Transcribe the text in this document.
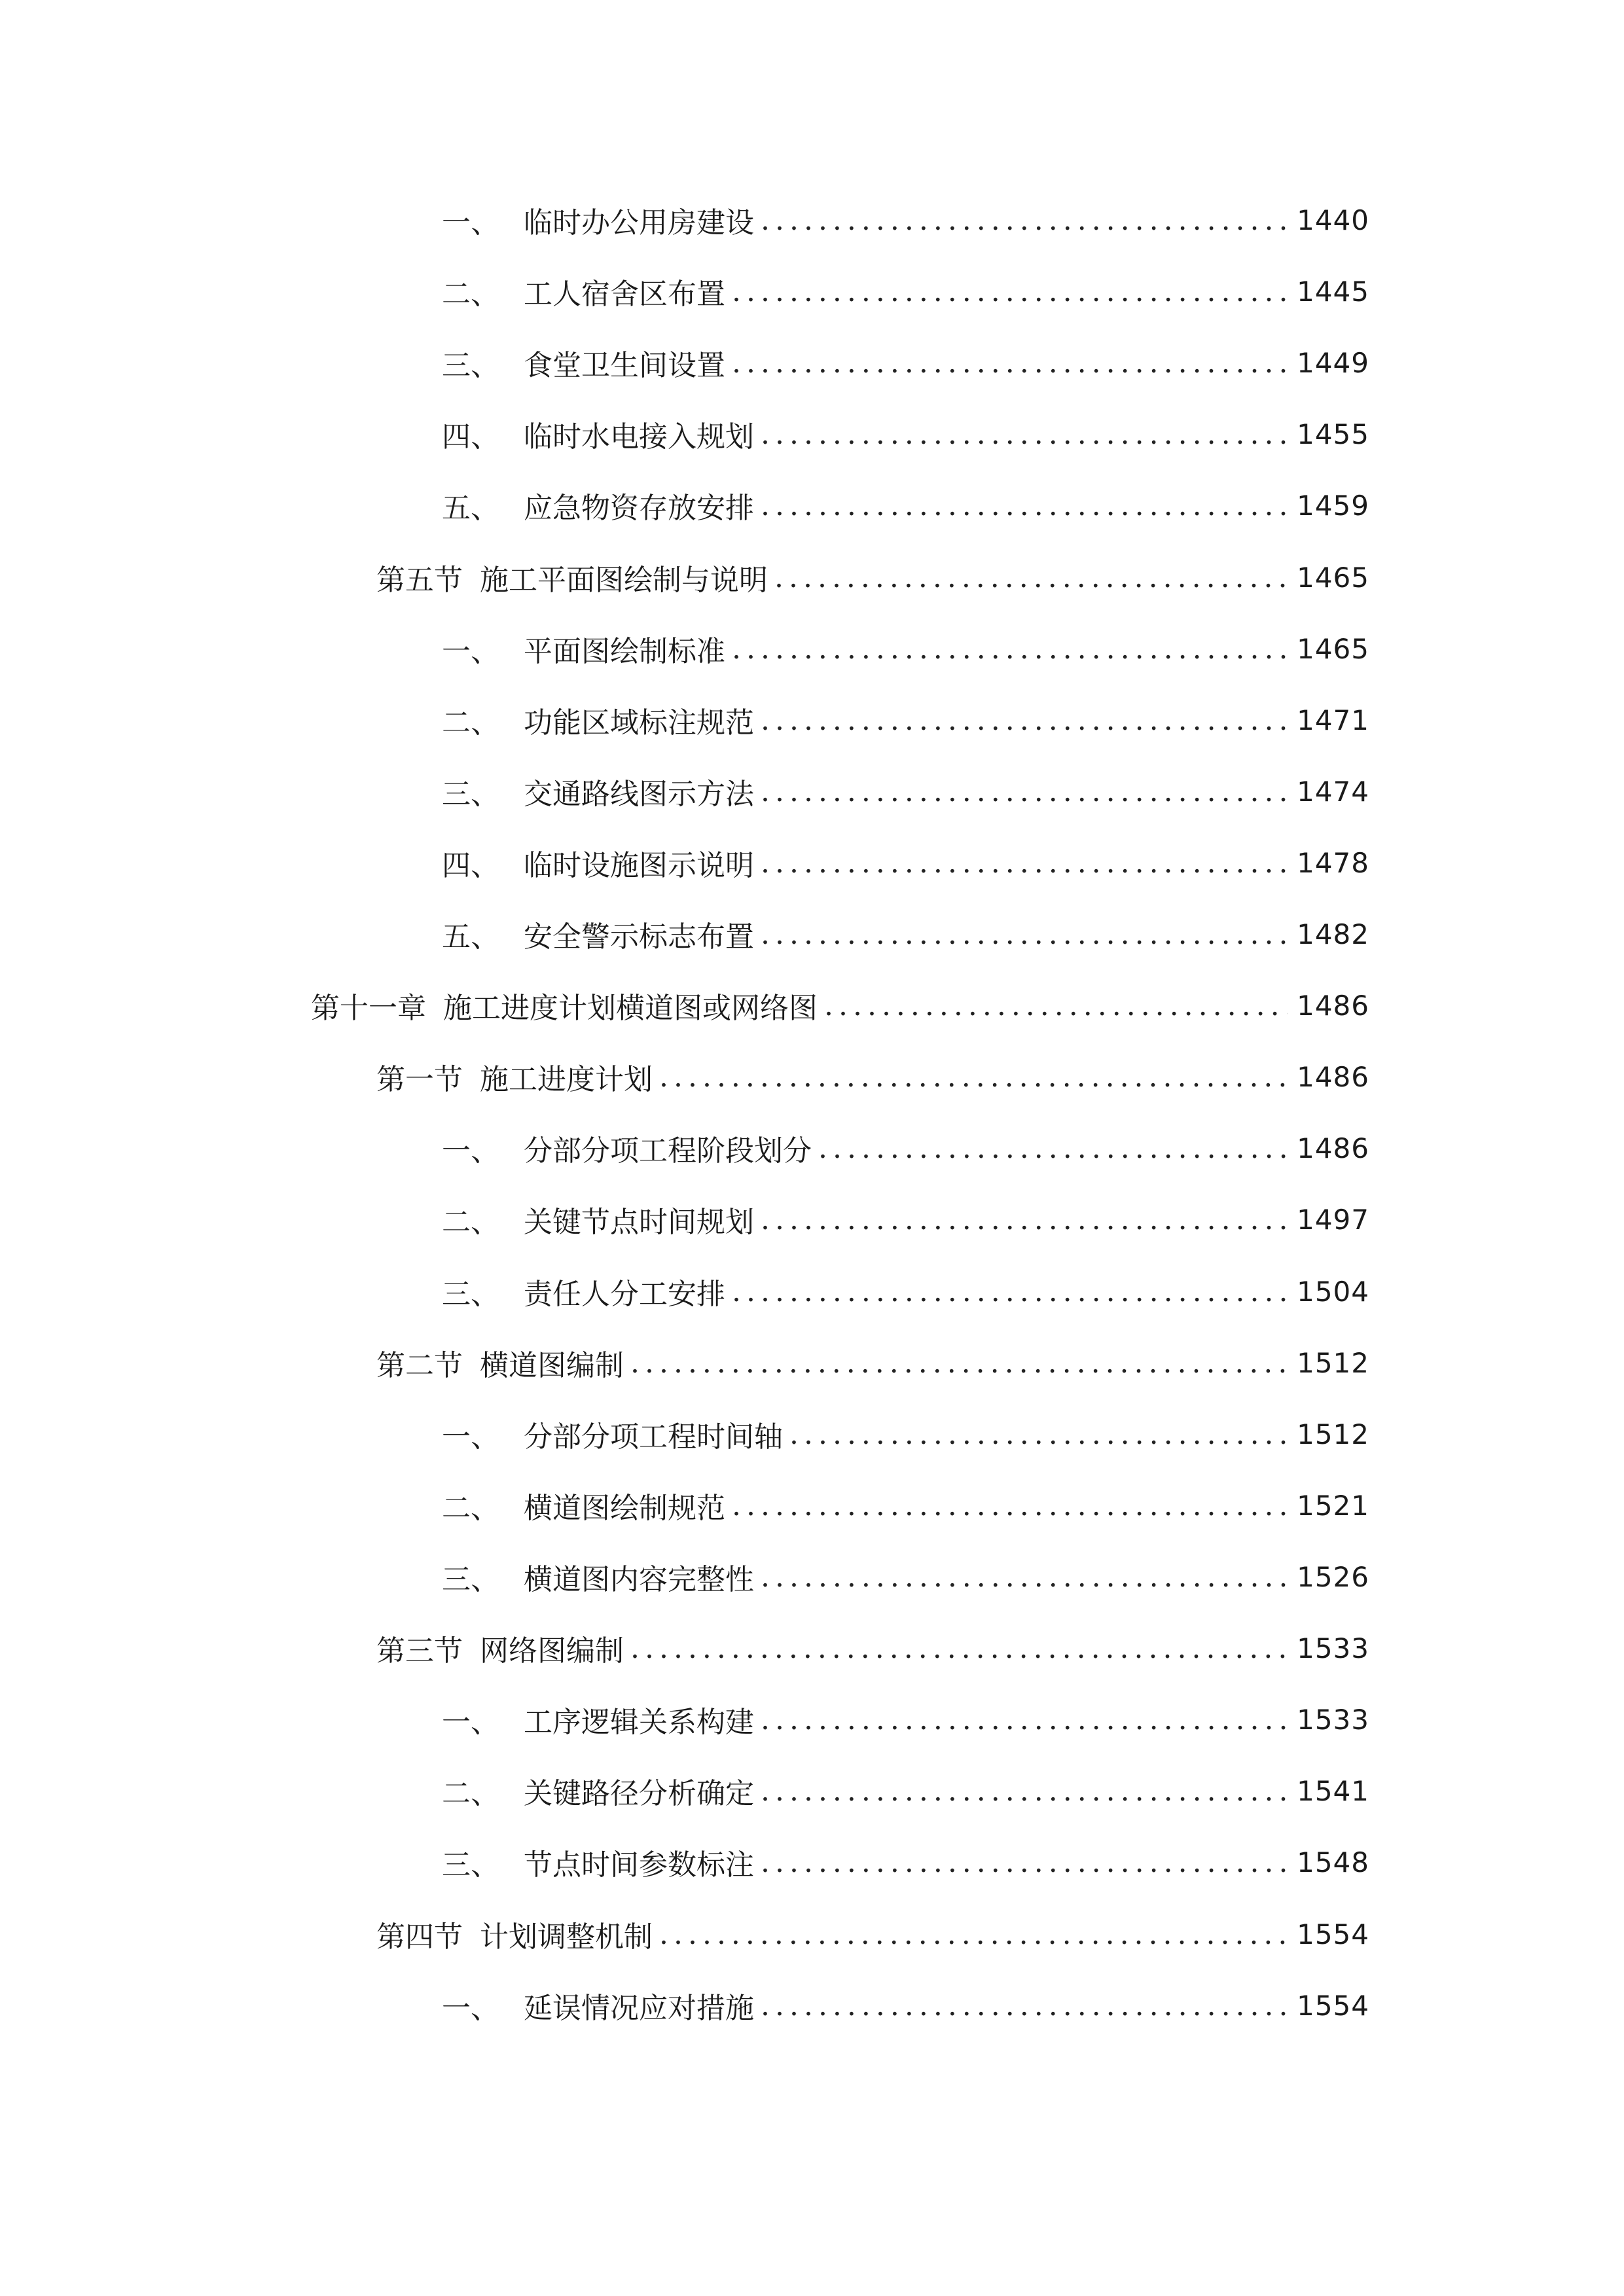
一、 临时办公用房建设 .....	1440
二、 工人宿舍区布置 .....	1445
三、 食堂卫生间设置 .....	1449
四、 临时水电接入规划 .....	1455
五、 应急物资存放安排 .....	1459
第五节 施工平面图绘制与说明 .....	1465
一、 平面图绘制标准 .....	1465
二、 功能区域标注规范 .....	1471
三、 交通路线图示方法 .....	1474
四、 临时设施图示说明 .....	1478
五、 安全警示标志布置 .....	1482
第十一章 施工进度计划横道图或网络图 .....	1486
第一节 施工进度计划 .....	1486
一、 分部分项工程阶段划分 .....	1486
二、 关键节点时间规划 .....	1497
三、 责任人分工安排 .....	1504
第二节 横道图编制 .....	1512
一、 分部分项工程时间轴 .....	1512
二、 横道图绘制规范 .....	1521
三、 横道图内容完整性 .....	1526
第三节 网络图编制 .....	1533
一、 工序逻辑关系构建 .....	1533
二、 关键路径分析确定 .....	1541
三、 节点时间参数标注 .....	1548
第四节 计划调整机制 .....	1554
一、 延误情况应对措施 .....	1554
